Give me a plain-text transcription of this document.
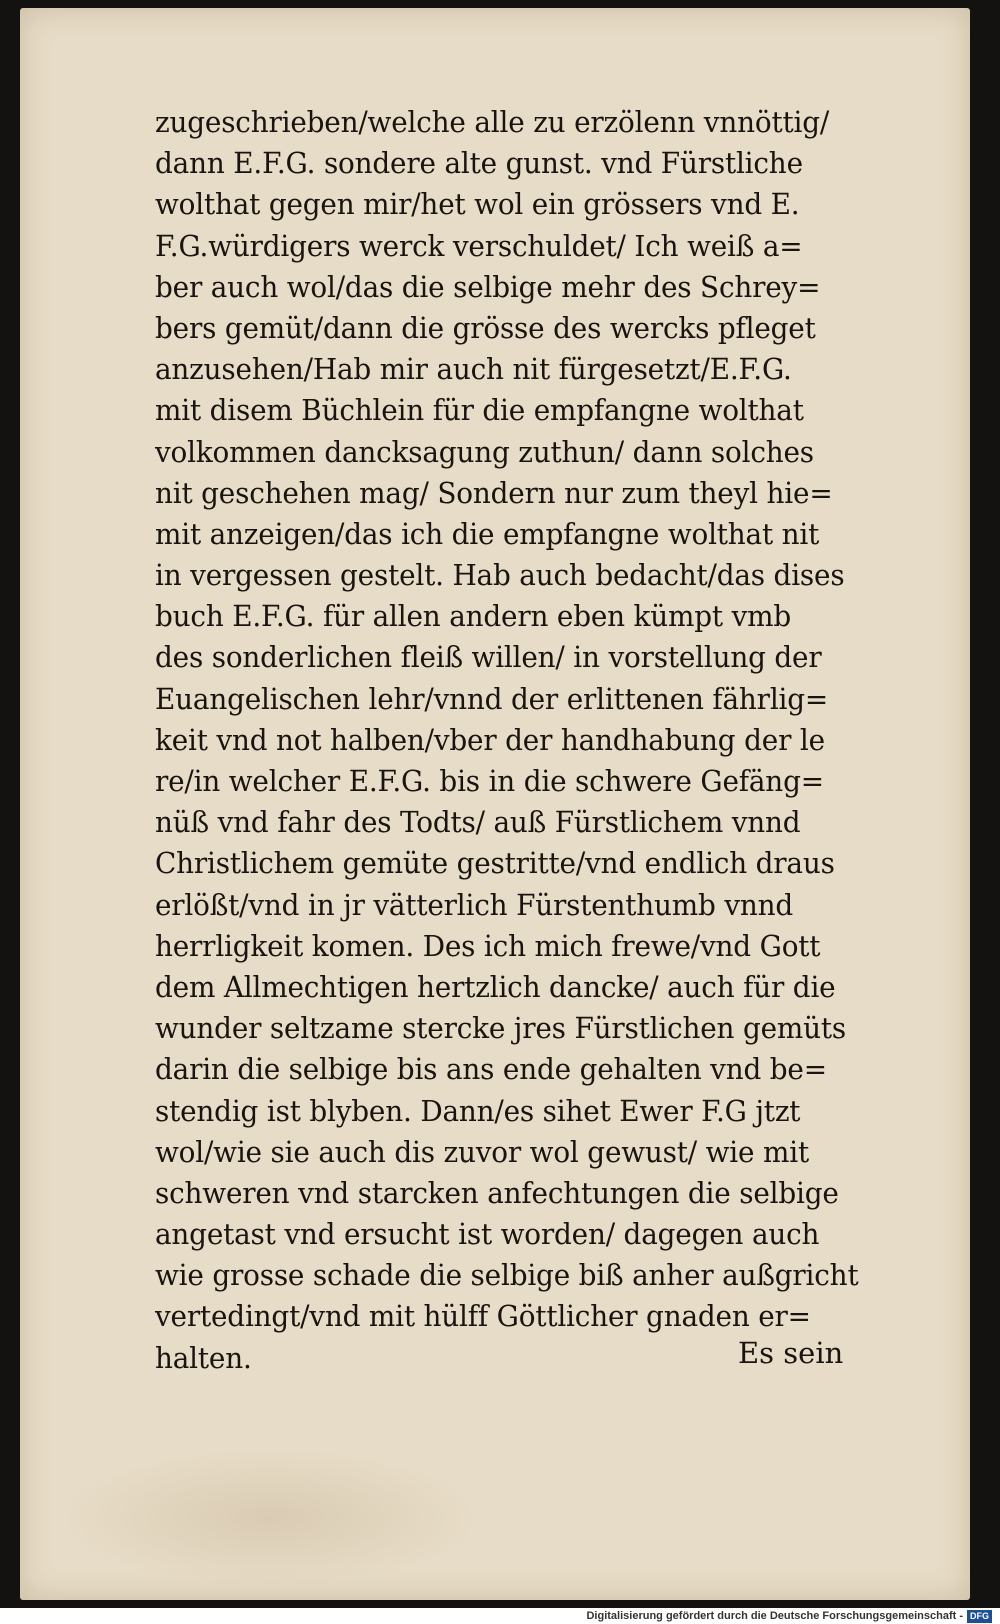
zugeschrieben/welche alle zu erzölenn vnnöttig/
dann E.F.G. sondere alte gunst. vnd Fürstliche
wolthat gegen mir/het wol ein grössers vnd E.
F.G.würdigers werck verschuldet/ Ich weiß a=
ber auch wol/das die selbige mehr des Schrey=
bers gemüt/dann die grösse des wercks pfleget
anzusehen/Hab mir auch nit fürgesetzt/E.F.G.
mit disem Büchlein für die empfangne wolthat
volkommen dancksagung zuthun/ dann solches
nit geschehen mag/ Sondern nur zum theyl hie=
mit anzeigen/das ich die empfangne wolthat nit
in vergessen gestelt. Hab auch bedacht/das dises
buch E.F.G. für allen andern eben kümpt vmb
des sonderlichen fleiß willen/ in vorstellung der
Euangelischen lehr/vnnd der erlittenen fährlig=
keit vnd not halben/vber der handhabung der le
re/in welcher E.F.G. bis in die schwere Gefäng=
nüß vnd fahr des Todts/ auß Fürstlichem vnnd
Christlichem gemüte gestritte/vnd endlich draus
erlößt/vnd in jr vätterlich Fürstenthumb vnnd
herrligkeit komen. Des ich mich frewe/vnd Gott
dem Allmechtigen hertzlich dancke/ auch für die
wunder seltzame stercke jres Fürstlichen gemüts
darin die selbige bis ans ende gehalten vnd be=
stendig ist blyben. Dann/es sihet Ewer F.G jtzt
wol/wie sie auch dis zuvor wol gewust/ wie mit
schweren vnd starcken anfechtungen die selbige
angetast vnd ersucht ist worden/ dagegen auch
wie grosse schade die selbige biß anher außgricht
vertedingt/vnd mit hülff Göttlicher gnaden er=
halten.	Es sein
Digitalisierung gefördert durch die Deutsche Forschungsgemeinschaft - DFG
